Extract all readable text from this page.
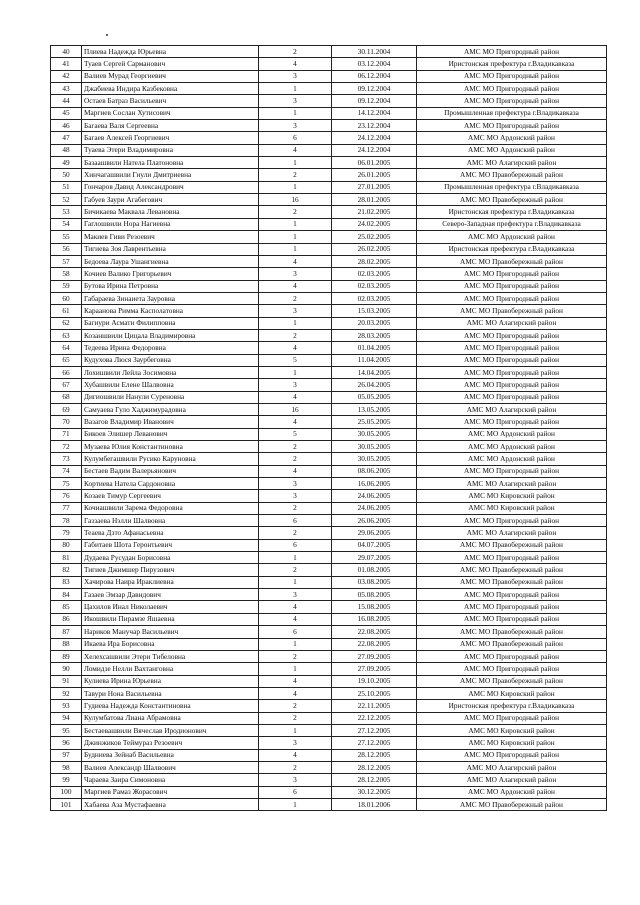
40	Плиева Надежда Юрьевна	2	30.11.2004	АМС МО Пригородный район
41	Туаев Сергей Сарманович	4	03.12.2004	Иристонская префектура г.Владикавказа
42	Валиев Мурад Георгиевич	3	06.12.2004	АМС МО Пригородный район
43	Джабиева Индира Казбековна	1	09.12.2004	АМС МО Пригородный район
44	Остаев Батраз Васильевич	3	09.12.2004	АМС МО Пригородный район
45	Маргиев Сослан Хутисович	1	14.12.2004	Промышленная префектура г.Владикавказа
46	Багаева Валя Сергеевна	3	23.12.2004	АМС МО Пригородный район
47	Багаев Алексей Георгиевич	6	24.12.2004	АМС МО Ардонский район
48	Туаева Этери Владимировна	4	24.12.2004	АМС МО Ардонский район
49	Базаашвили Натела Платоновна	1	06.01.2005	АМС МО Алагирский район
50	Хинчагашвили Гиули Дмитриевна	2	26.01.2005	АМС МО Правобережный район
51	Гончаров Давид Александрович	1	27.01.2005	Промышленная префектура г.Владикавказа
52	Габуев Заури Агабегович	16	28.01.2005	АМС МО Правобережный район
53	Бичикаева Маквала Левановна	2	21.02.2005	Иристонская префектура г.Владикавказа
54	Гаглошвили Нора Нагиевна	1	24.02.2005	Северо-Западная префектура г.Владикавказа
55	Макиев Гиви Резоевич	1	25.02.2005	АМС МО Ардонский район
56	Тигиева Зоя Лаврентьевна	1	26.02.2005	Иристонская префектура г.Владикавказа
57	Бедоева Лаура Ушангиевна	4	28.02.2005	АМС МО Правобережный район
58	Кочиев Валико Григорьевич	3	02.03.2005	АМС МО Пригородный район
59	Бутова Ирина Петровна	4	02.03.2005	АМС МО Пригородный район
60	Габараева Зинаиета Зауровна	2	02.03.2005	АМС МО Пригородный район
61	Караанова Римма Касполатовна	3	15.03.2005	АМС МО Правобережный район
62	Багиури Асмати Филипповна	1	20.03.2005	АМС МО Алагирский район
63	Козаншвили Цицала Владимировна	2	28.03.2005	АМС МО Пригородный район
64	Тедеева Ирина Федоровна	4	01.04.2005	АМС МО Пригородный район
65	Кудухова Люся Заурбеговна	5	11.04.2005	АМС МО Пригородный район
66	Лохишвили Лейла Зосимовна	1	14.04.2005	АМС МО Пригородный район
67	Хубашвили Елене Шалвовна	3	26.04.2005	АМС МО Пригородный район
68	Дигиошвили Нанули Суреновна	4	05.05.2005	АМС МО Пригородный район
69	Самуаева Гуло Хаджимурадовна	16	13.05.2005	АМС МО Алагирский район
70	Вазагов Владимир Иванович	4	25.05.2005	АМС МО Пригородный район
71	Бикоев Элишер Леванович	5	30.05.2005	АМС МО Ардонский район
72	Музаева Юлия Константиновна	2	30.05.2005	АМС МО Ардонский район
73	Кулумбегашвили Русико Каруновна	2	30.05.2005	АМС МО Ардонский район
74	Бестаев Вадим Валерьянович	4	08.06.2005	АМС МО Пригородный район
75	Кортиева Натела Сардоновна	3	16.06.2005	АМС МО Алагирский район
76	Козаев Тимур Сергеевич	3	24.06.2005	АМС МО Кировский район
77	Кочиашвили Зарема Федоровна	2	24.06.2005	АМС МО Кировский район
78	Газзаева Нэлли Шалвовна	6	26.06.2005	АМС МО Пригородный район
79	Теаева Дзто Афанасьевна	2	29.06.2005	АМС МО Алагирский район
80	Габитаев Шота Геронтьевич	6	04.07.2005	АМС МО Правобережный район
81	Дудаева Русудан Борисовна	1	29.07.2005	АМС МО Пригородный район
82	Тигиев Джимшер Пирузович	2	01.08.2005	АМС МО Правобережный район
83	Хачирова Наира Ираклиевна	1	03.08.2005	АМС МО Правобережный район
84	Газаев Эмзар Давидович	3	05.08.2005	АМС МО Пригородный район
85	Цахилов Инал Николаевич	4	15.08.2005	АМС МО Пригородный район
86	Икошвили Пирамзе Яшаевна	4	16.08.2005	АМС МО Пригородный район
87	Нариков Манучар Васильевич	6	22.08.2005	АМС МО Правобережный район
88	Икаева Ира Борисовна	1	22.08.2005	АМС МО Правобережный район
89	Хелехсашвили Этери Тибеловна	2	27.09.2005	АМС МО Пригородный район
90	Ломидзе Нелли Вахтанговна	1	27.09.2005	АМС МО Пригородный район
91	Кулиева Ирина Юрьевна	4	19.10.2005	АМС МО Правобережный район
92	Тавури Нона Васильевна	4	25.10.2005	АМС МО Кировский район
93	Гудиева Надежда Константиновна	2	22.11.2005	Иристонская префектура г.Владикавказа
94	Кулумбатова Лиана Абрамовна	2	22.12.2005	АМС МО Пригородный район
95	Бестаевашвили Вячеслав Иродионович	1	27.12.2005	АМС МО Кировский район
96	Джинжиков Теймураз Резоевич	3	27.12.2005	АМС МО Кировский район
97	Будниева Зейнаб Васильевна	4	28.12.2005	АМС МО Пригородный район
98	Валиев Александр Шалвович	2	28.12.2005	АМС МО Алагирский район
99	Чараева Заира Симоновна	3	28.12.2005	АМС МО Алагирский район
100	Маргиев Рамаз Жорасович	6	30.12.2005	АМС МО Ардонский район
101	Хабаева Аза Мустафаевна	1	18.01.2006	АМС МО Правобережный район
